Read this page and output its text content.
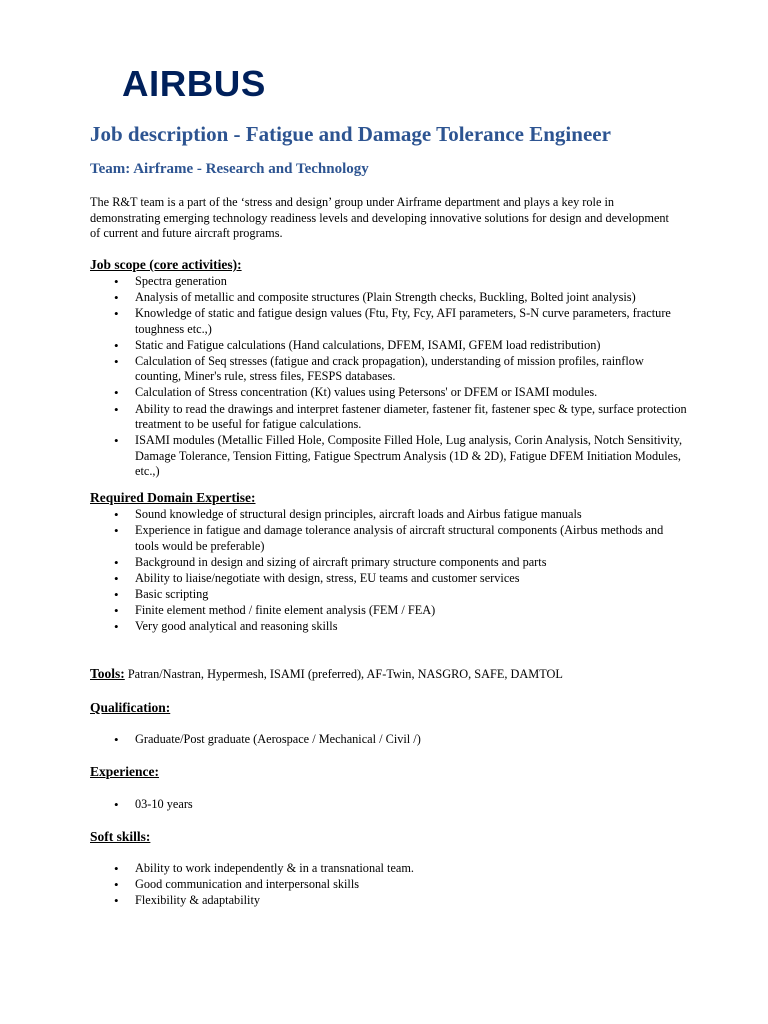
AIRBUS
Job description - Fatigue and Damage Tolerance Engineer
Team: Airframe - Research and Technology
The R&T team is a part of the ‘stress and design’ group under Airframe department and plays a key role in demonstrating emerging technology readiness levels and developing innovative solutions for design and development of current and future aircraft programs.
Job scope (core activities):
• Spectra generation
• Analysis of metallic and composite structures (Plain Strength checks, Buckling, Bolted joint analysis)
• Knowledge of static and fatigue design values (Ftu, Fty, Fcy, AFI parameters, S-N curve parameters, fracture toughness etc.,)
• Static and Fatigue calculations (Hand calculations, DFEM, ISAMI, GFEM load redistribution)
• Calculation of Seq stresses (fatigue and crack propagation), understanding of mission profiles, rainflow counting, Miner's rule, stress files, FESPS databases.
• Calculation of Stress concentration (Kt) values using Petersons' or DFEM or ISAMI modules.
• Ability to read the drawings and interpret fastener diameter, fastener fit, fastener spec & type, surface protection treatment to be useful for fatigue calculations.
• ISAMI modules (Metallic Filled Hole, Composite Filled Hole, Lug analysis, Corin Analysis, Notch Sensitivity, Damage Tolerance, Tension Fitting, Fatigue Spectrum Analysis (1D & 2D), Fatigue DFEM Initiation Modules, etc.,)
Required Domain Expertise:
• Sound knowledge of structural design principles, aircraft loads and Airbus fatigue manuals
• Experience in fatigue and damage tolerance analysis of aircraft structural components (Airbus methods and tools would be preferable)
• Background in design and sizing of aircraft primary structure components and parts
• Ability to liaise/negotiate with design, stress, EU teams and customer services
• Basic scripting
• Finite element method / finite element analysis (FEM / FEA)
• Very good analytical and reasoning skills
Tools: Patran/Nastran, Hypermesh, ISAMI (preferred), AF-Twin, NASGRO, SAFE, DAMTOL
Qualification:
• Graduate/Post graduate (Aerospace / Mechanical / Civil /)
Experience:
• 03-10 years
Soft skills:
• Ability to work independently & in a transnational team.
• Good communication and interpersonal skills
• Flexibility & adaptability
